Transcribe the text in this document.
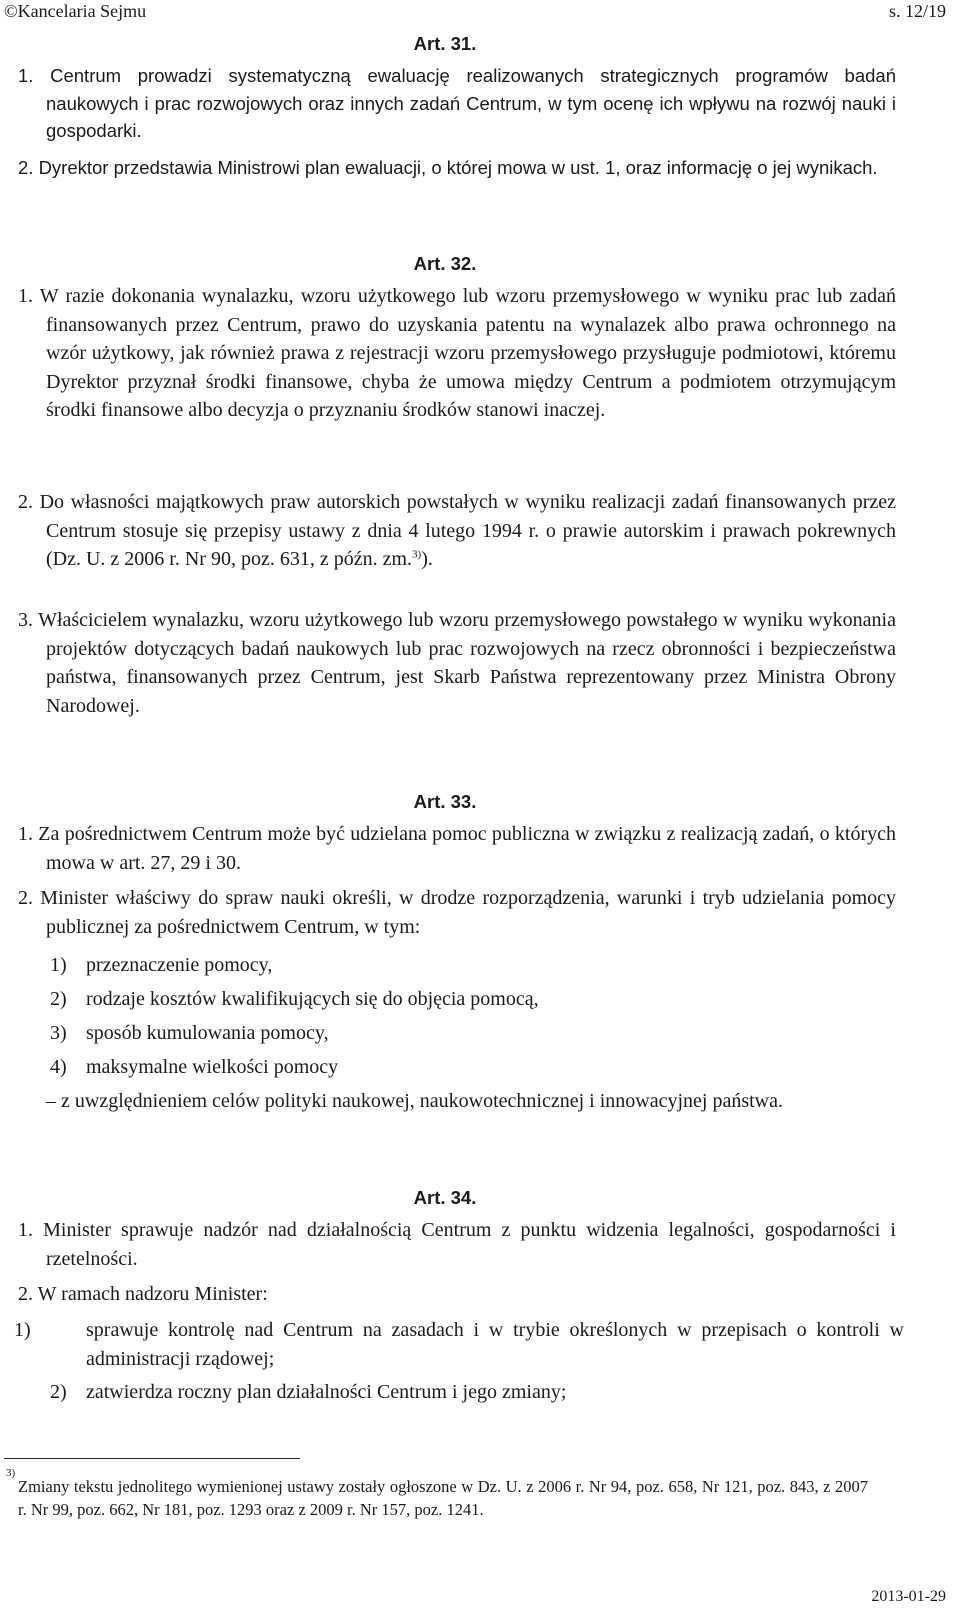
©Kancelaria Sejmu	s. 12/19
Art. 31.

1. Centrum prowadzi systematyczną ewaluację realizowanych strategicznych programów badań naukowych i prac rozwojowych oraz innych zadań Centrum, w tym ocenę ich wpływu na rozwój nauki i gospodarki.

2. Dyrektor przedstawia Ministrowi plan ewaluacji, o której mowa w ust. 1, oraz informację o jej wynikach.

Art. 32.

1. W razie dokonania wynalazku, wzoru użytkowego lub wzoru przemysłowego w wyniku prac lub zadań finansowanych przez Centrum, prawo do uzyskania patentu na wynalazek albo prawa ochronnego na wzór użytkowy, jak również prawa z rejestracji wzoru przemysłowego przysługuje podmiotowi, któremu Dyrektor przyznał środki finansowe, chyba że umowa między Centrum a podmiotem otrzymującym środki finansowe albo decyzja o przyznaniu środków stanowi inaczej.

2. Do własności majątkowych praw autorskich powstałych w wyniku realizacji zadań finansowanych przez Centrum stosuje się przepisy ustawy z dnia 4 lutego 1994 r. o prawie autorskim i prawach pokrewnych (Dz. U. z 2006 r. Nr 90, poz. 631, z późn. zm.$^{3)}$).

3. Właścicielem wynalazku, wzoru użytkowego lub wzoru przemysłowego powstałego w wyniku wykonania projektów dotyczących badań naukowych lub prac rozwojowych na rzecz obronności i bezpieczeństwa państwa, finansowanych przez Centrum, jest Skarb Państwa reprezentowany przez Ministra Obrony Narodowej.

Art. 33.

1. Za pośrednictwem Centrum może być udzielana pomoc publiczna w związku z realizacją zadań, o których mowa w art. 27, 29 i 30.

2. Minister właściwy do spraw nauki określi, w drodze rozporządzenia, warunki i tryb udzielania pomocy publicznej za pośrednictwem Centrum, w tym:

1) przeznaczenie pomocy,

2) rodzaje kosztów kwalifikujących się do objęcia pomocą,

3) sposób kumulowania pomocy,

4) maksymalne wielkości pomocy

– z uwzględnieniem celów polityki naukowej, naukowotechnicznej i innowacyjnej państwa.

Art. 34.

1. Minister sprawuje nadzór nad działalnością Centrum z punktu widzenia legalności, gospodarności i rzetelności.

2. W ramach nadzoru Minister:

1)	sprawuje kontrolę nad Centrum na zasadach i w trybie określonych w przepisach o kontroli w administracji rządowej;

2) zatwierdza roczny plan działalności Centrum i jego zmiany;

3)
Zmiany tekstu jednolitego wymienionej ustawy zostały ogłoszone w Dz. U. z 2006 r. Nr 94, poz. 658, Nr 121, poz. 843, z 2007 r. Nr 99, poz. 662, Nr 181, poz. 1293 oraz z 2009 r. Nr 157, poz. 1241.

2013-01-29
